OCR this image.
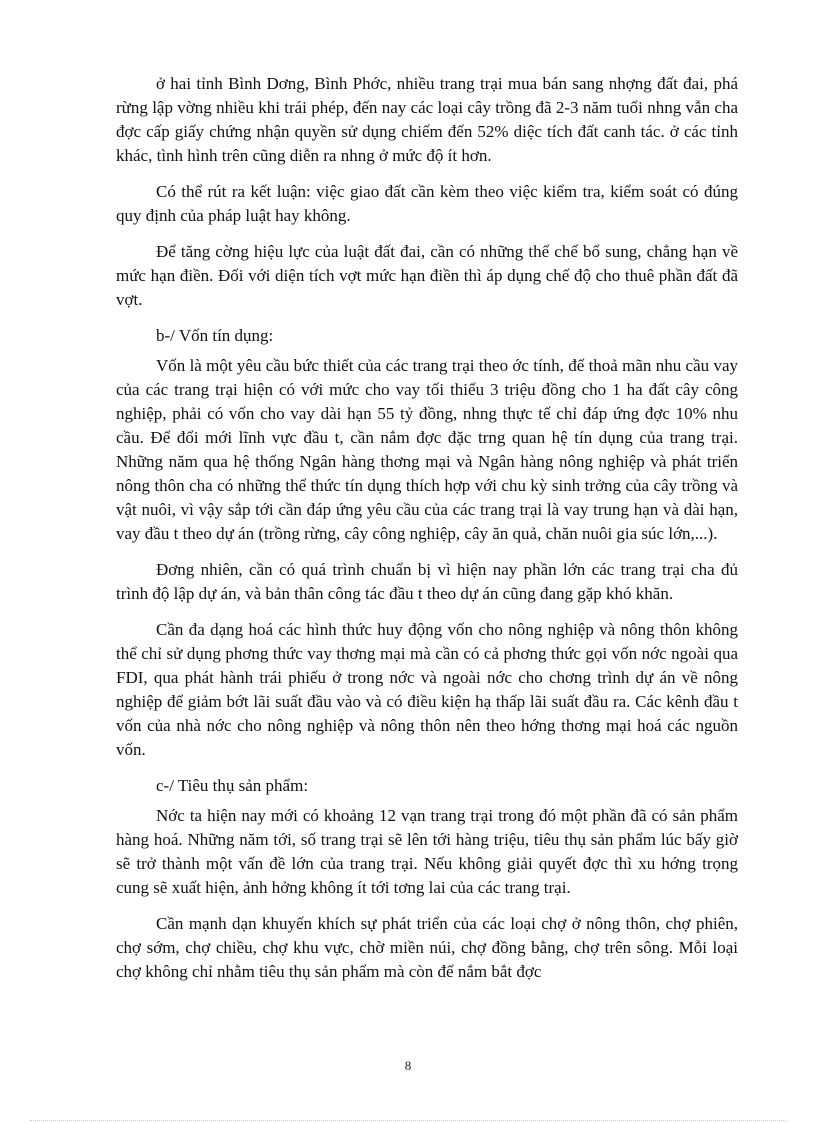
ở hai tỉnh Bình Dơng, Bình Phớc, nhiều trang trại mua bán sang nhợng đất đai, phá rừng lập vờng nhiều khi trái phép, đến nay các loại cây trồng đã 2-3 năm tuổi nhng vẫn cha đợc cấp giấy chứng nhận quyền sử dụng chiếm đến 52% diệc tích đất canh tác. ở các tỉnh khác, tình hình trên cũng diễn ra nhng ở mức độ ít hơn.

Có thể rút ra kết luận: việc giao đất cần kèm theo việc kiểm tra, kiểm soát có đúng quy định của pháp luật hay không.

Để tăng cờng hiệu lực của luật đất đai, cần có những thể chế bổ sung, chẳng hạn về mức hạn điền. Đối với diện tích vợt mức hạn điền thì áp dụng chế độ cho thuê phần đất đã vợt.

b-/ Vốn tín dụng:

Vốn là một yêu cầu bức thiết của các trang trại theo ớc tính, để thoả mãn nhu cầu vay của các trang trại hiện có với mức cho vay tối thiểu 3 triệu đồng cho 1 ha đất cây công nghiệp, phải có vốn cho vay dài hạn 55 tỷ đồng, nhng thực tế chỉ đáp ứng đợc 10% nhu cầu. Để đổi mới lĩnh vực đầu t, cần nắm đợc đặc trng quan hệ tín dụng của trang trại. Những năm qua hệ thống Ngân hàng thơng mại và Ngân hàng nông nghiệp và phát triển nông thôn cha có những thể thức tín dụng thích hợp với chu kỳ sinh trởng của cây trồng và vật nuôi, vì vậy sắp tới cần đáp ứng yêu cầu của các trang trại là vay trung hạn và dài hạn, vay đầu t theo dự án (trồng rừng, cây công nghiệp, cây ăn quả, chăn nuôi gia súc lớn,...).

Đơng nhiên, cần có quá trình chuẩn bị vì hiện nay phần lớn các trang trại cha đủ trình độ lập dự án, và bản thân công tác đầu t theo dự án cũng đang gặp khó khăn.

Cần đa dạng hoá các hình thức huy động vốn cho nông nghiệp và nông thôn không thể chỉ sử dụng phơng thức vay thơng mại mà cần có cả phơng thức gọi vốn nớc ngoài qua FDI, qua phát hành trái phiếu ở trong nớc và ngoài nớc cho chơng trình dự án về nông nghiệp để giảm bớt lãi suất đầu vào và có điều kiện hạ thấp lãi suất đầu ra. Các kênh đầu t vốn của nhà nớc cho nông nghiệp và nông thôn nên theo hớng thơng mại hoá các nguồn vốn.

c-/ Tiêu thụ sản phẩm:

Nớc ta hiện nay mới có khoảng 12 vạn trang trại trong đó một phần đã có sản phẩm hàng hoá. Những năm tới, số trang trại sẽ lên tới hàng triệu, tiêu thụ sản phẩm lúc bấy giờ sẽ trở thành một vấn đề lớn của trang trại. Nếu không giải quyết đợc thì xu hớng trọng cung sẽ xuất hiện, ảnh hởng không ít tới tơng lai của các trang trại.

Cần mạnh dạn khuyến khích sự phát triển của các loại chợ ở nông thôn, chợ phiên, chợ sớm, chợ chiều, chợ khu vực, chờ miền núi, chợ đồng bằng, chợ trên sông. Mỗi loại chợ không chỉ nhằm tiêu thụ sản phẩm mà còn để nắm bắt đợc

8
